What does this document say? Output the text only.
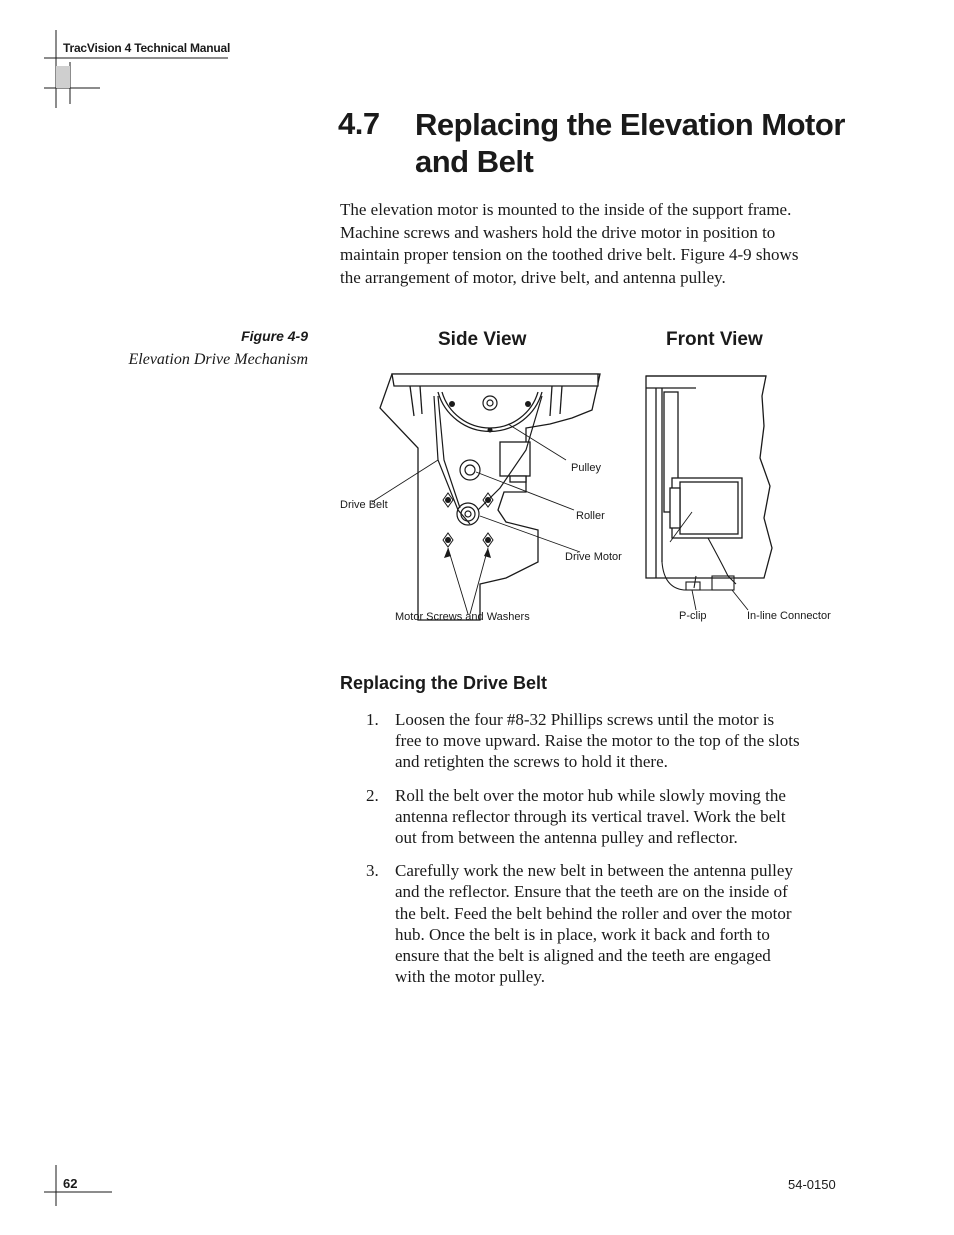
TracVision 4 Technical Manual
4.7 Replacing the Elevation Motor and Belt
The elevation motor is mounted to the inside of the support frame. Machine screws and washers hold the drive motor in position to maintain proper tension on the toothed drive belt. Figure 4-9 shows the arrangement of motor, drive belt, and antenna pulley.
Figure 4-9
Elevation Drive Mechanism
Side View	Front View
Pulley
Drive Belt
Roller
Drive Motor
Motor Screws and Washers	P-clip	In-line Connector
Replacing the Drive Belt
1. Loosen the four #8-32 Phillips screws until the motor is free to move upward. Raise the motor to the top of the slots and retighten the screws to hold it there.
2. Roll the belt over the motor hub while slowly moving the antenna reflector through its vertical travel. Work the belt out from between the antenna pulley and reflector.
3. Carefully work the new belt in between the antenna pulley and the reflector. Ensure that the teeth are on the inside of the belt. Feed the belt behind the roller and over the motor hub. Once the belt is in place, work it back and forth to ensure that the belt is aligned and the teeth are engaged with the motor pulley.
62	54-0150
